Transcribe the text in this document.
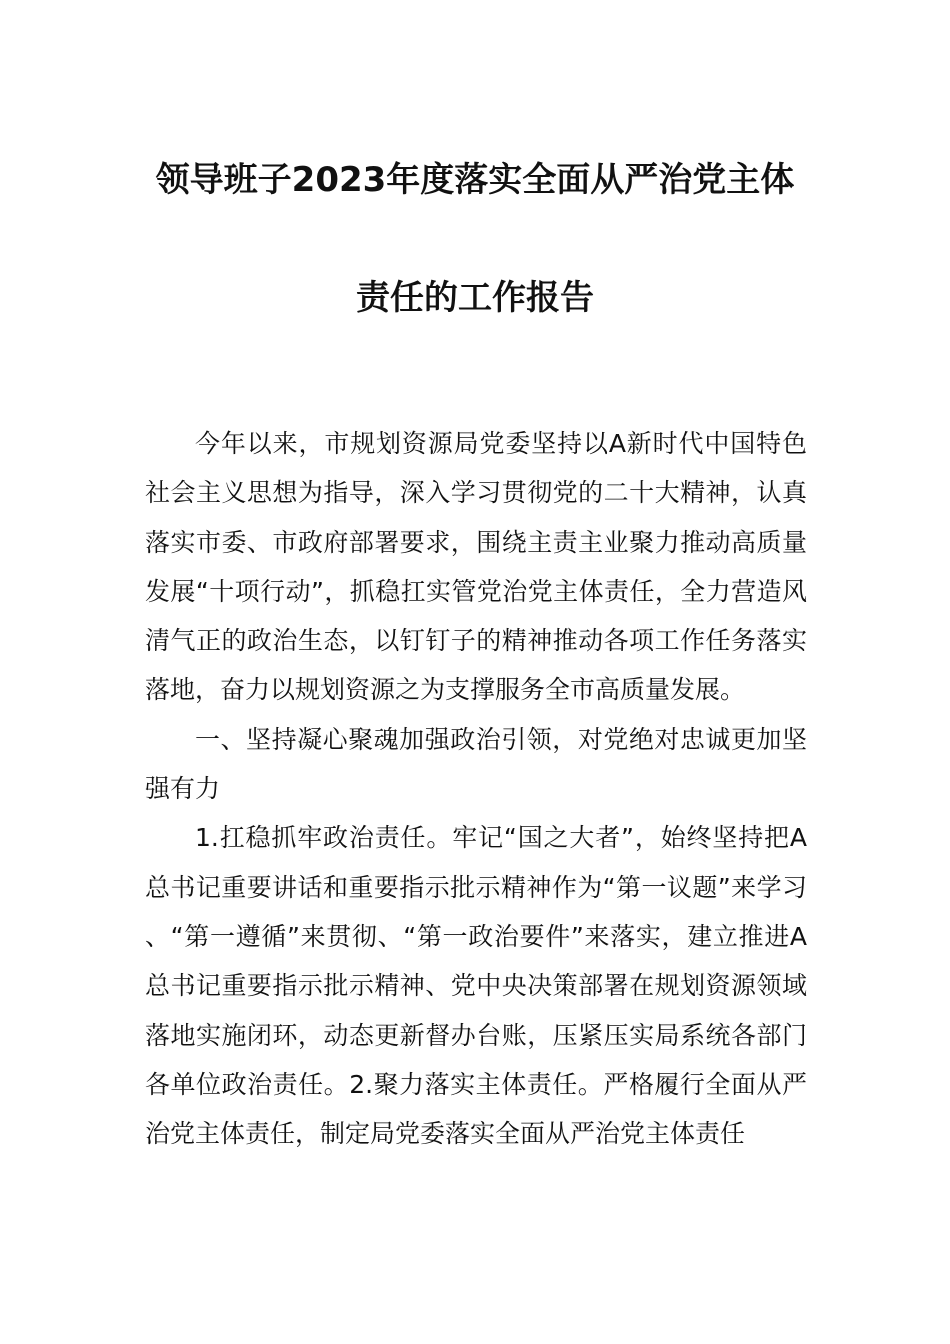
领导班子2023年度落实全面从严治党主体
责任的工作报告

今年以来，市规划资源局党委坚持以A新时代中国特色社会主义思想为指导，深入学习贯彻党的二十大精神，认真落实市委、市政府部署要求，围绕主责主业聚力推动高质量发展“十项行动”，抓稳扛实管党治党主体责任，全力营造风清气正的政治生态，以钉钉子的精神推动各项工作任务落实落地，奋力以规划资源之为支撑服务全市高质量发展。

一、坚持凝心聚魂加强政治引领，对党绝对忠诚更加坚强有力

1.扛稳抓牢政治责任。牢记“国之大者”，始终坚持把A总书记重要讲话和重要指示批示精神作为“第一议题”来学习、“第一遵循”来贯彻、“第一政治要件”来落实，建立推进A总书记重要指示批示精神、党中央决策部署在规划资源领域落地实施闭环，动态更新督办台账，压紧压实局系统各部门各单位政治责任。2.聚力落实主体责任。严格履行全面从严治党主体责任，制定局党委落实全面从严治党主体责任
